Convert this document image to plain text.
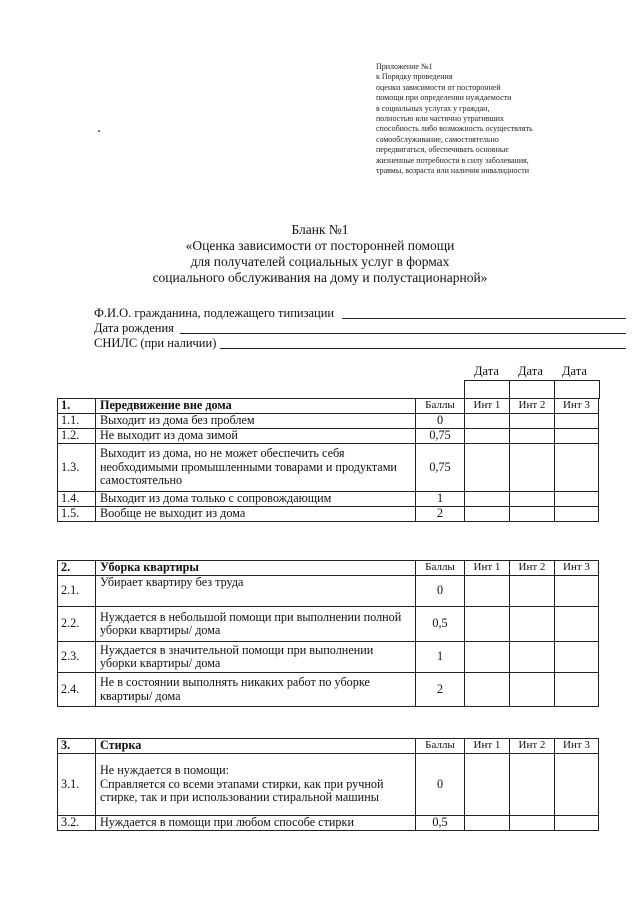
Приложение №1
к Порядку проведения
оценки зависимости от посторонней
помощи при определении нуждаемости
в социальных услугах у граждан,
полностью или частично утративших
способность либо возможность осуществлять
самообслуживание, самостоятельно
передвигаться, обеспечивать основные
жизненные потребности в силу заболевания,
травмы, возраста или наличия инвалидности
Бланк №1
«Оценка зависимости от посторонней помощи
для получателей социальных услуг в формах
социального обслуживания на дому и полустационарной»
Ф.И.О. гражданина, подлежащего типизации
Дата рождения
СНИЛС (при наличии)
Дата Дата Дата
1.	Передвижение вне дома	Баллы	Инт 1	Инт 2	Инт 3
1.1.	Выходит из дома без проблем	0			
1.2.	Не выходит из дома зимой	0,75			
1.3.	Выходит из дома, но не может обеспечить себя необходимыми промышленными товарами и продуктами самостоятельно	0,75			
1.4.	Выходит из дома только с сопровождающим	1			
1.5.	Вообще не выходит из дома	2			
2.	Уборка квартиры	Баллы	Инт 1	Инт 2	Инт 3
2.1.	Убирает квартиру без труда	0			
2.2.	Нуждается в небольшой помощи при выполнении полной уборки квартиры/ дома	0,5			
2.3.	Нуждается в значительной помощи при выполнении уборки квартиры/ дома	1			
2.4.	Не в состоянии выполнять никаких работ по уборке квартиры/ дома	2			
3.	Стирка	Баллы	Инт 1	Инт 2	Инт 3
3.1.	Не нуждается в помощи:
Справляется со всеми этапами стирки, как при ручной стирке, так и при использовании стиральной машины	0			
3.2.	Нуждается в помощи при любом способе стирки	0,5			
